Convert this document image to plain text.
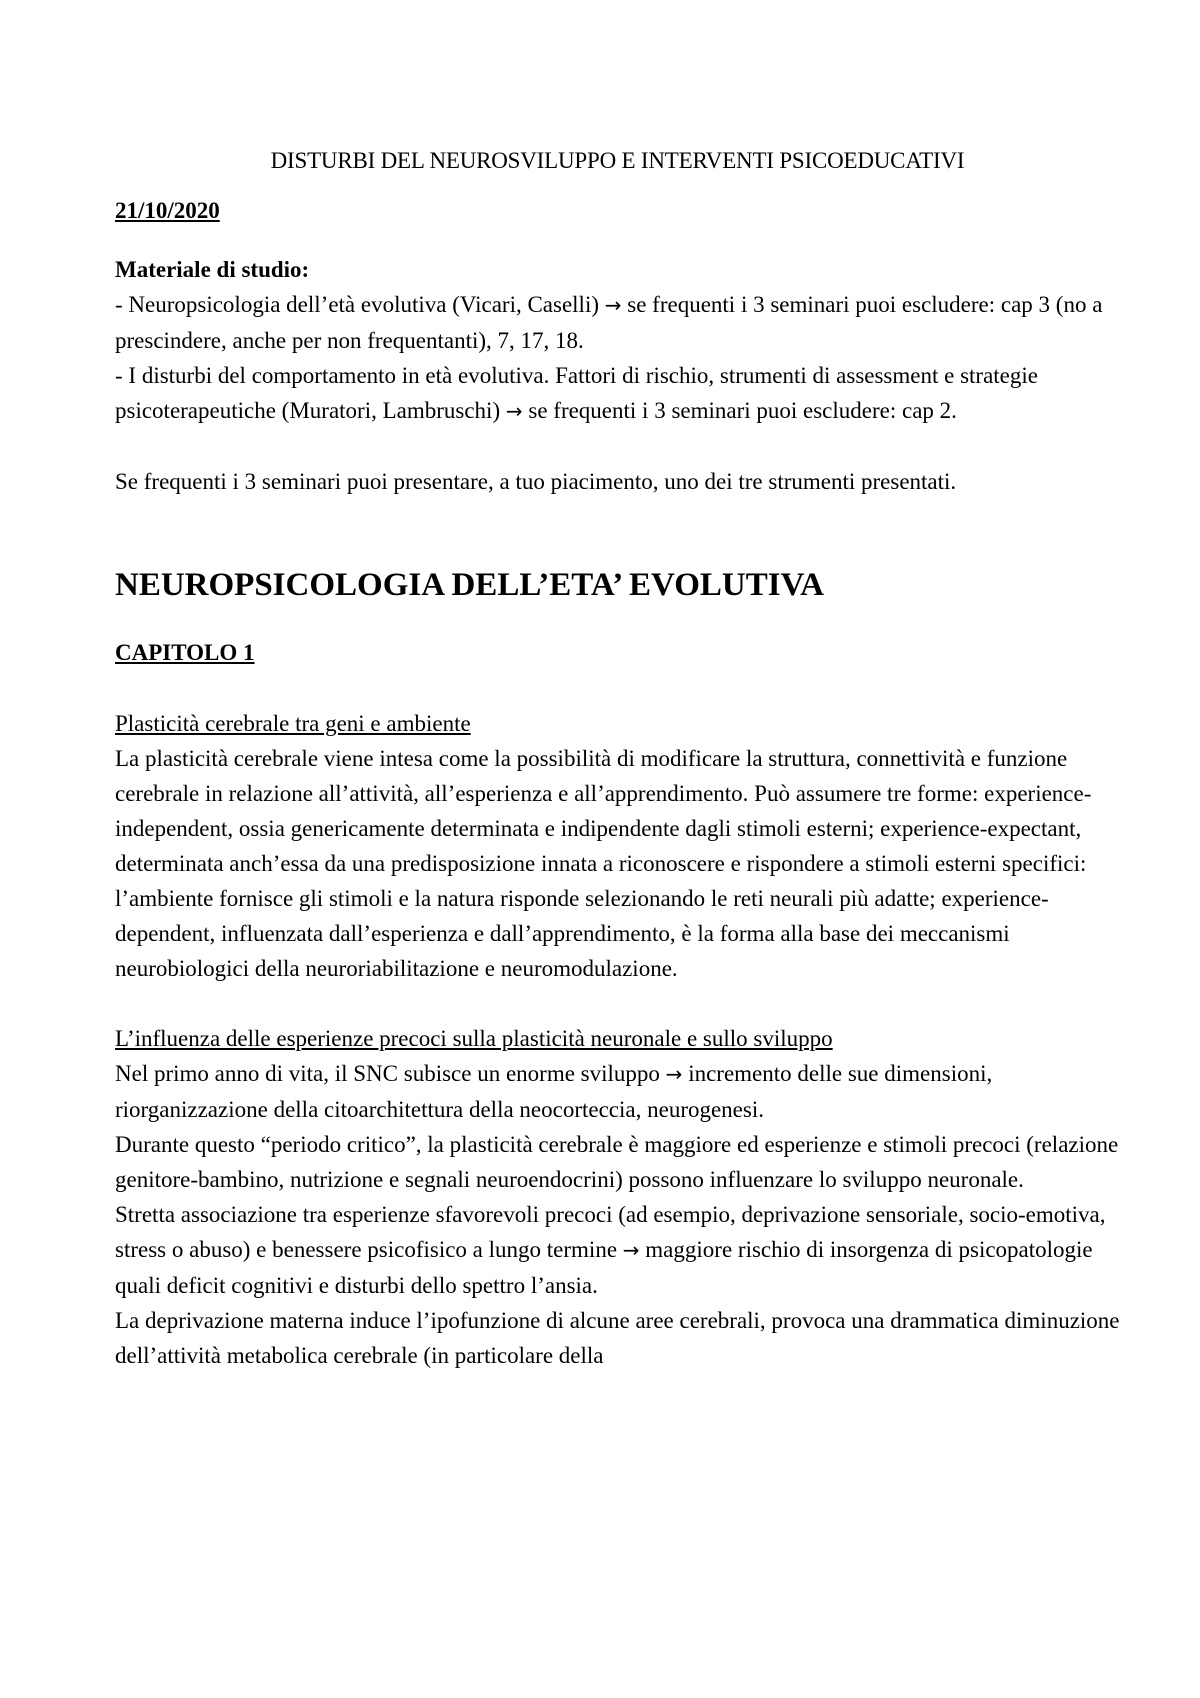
DISTURBI DEL NEUROSVILUPPO E INTERVENTI PSICOEDUCATIVI

21/10/2020

Materiale di studio:
- Neuropsicologia dell’età evolutiva (Vicari, Caselli) → se frequenti i 3 seminari puoi escludere: cap 3 (no a prescindere, anche per non frequentanti), 7, 17, 18.
- I disturbi del comportamento in età evolutiva. Fattori di rischio, strumenti di assessment e strategie psicoterapeutiche (Muratori, Lambruschi) → se frequenti i 3 seminari puoi escludere: cap 2.

Se frequenti i 3 seminari puoi presentare, a tuo piacimento, uno dei tre strumenti presentati.

NEUROPSICOLOGIA DELL’ETA’ EVOLUTIVA
CAPITOLO 1
Plasticità cerebrale tra geni e ambiente
La plasticità cerebrale viene intesa come la possibilità di modificare la struttura, connettività e funzione cerebrale in relazione all’attività, all’esperienza e all’apprendimento. Può assumere tre forme: experience-independent, ossia genericamente determinata e indipendente dagli stimoli esterni; experience-expectant, determinata anch’essa da una predisposizione innata a riconoscere e rispondere a stimoli esterni specifici: l’ambiente fornisce gli stimoli e la natura risponde selezionando le reti neurali più adatte; experience-dependent, influenzata dall’esperienza e dall’apprendimento, è la forma alla base dei meccanismi neurobiologici della neuroriabilitazione e neuromodulazione.
L’influenza delle esperienze precoci sulla plasticità neuronale e sullo sviluppo
Nel primo anno di vita, il SNC subisce un enorme sviluppo → incremento delle sue dimensioni, riorganizzazione della citoarchitettura della neocorteccia, neurogenesi.
Durante questo “periodo critico”, la plasticità cerebrale è maggiore ed esperienze e stimoli precoci (relazione genitore-bambino, nutrizione e segnali neuroendocrini) possono influenzare lo sviluppo neuronale.
Stretta associazione tra esperienze sfavorevoli precoci (ad esempio, deprivazione sensoriale, socio-emotiva, stress o abuso) e benessere psicofisico a lungo termine → maggiore rischio di insorgenza di psicopatologie quali deficit cognitivi e disturbi dello spettro l’ansia.
La deprivazione materna induce l’ipofunzione di alcune aree cerebrali, provoca una drammatica diminuzione dell’attività metabolica cerebrale (in particolare della
